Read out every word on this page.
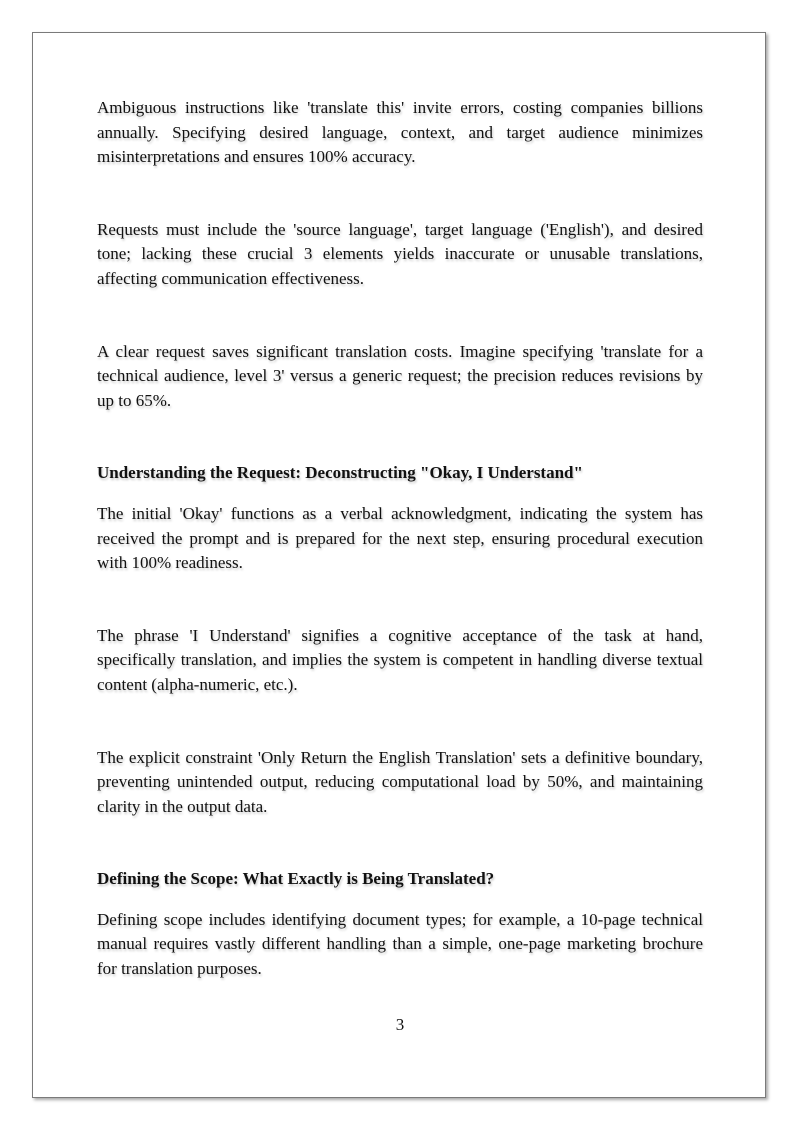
Ambiguous instructions like 'translate this' invite errors, costing companies billions annually. Specifying desired language, context, and target audience minimizes misinterpretations and ensures 100% accuracy.

Requests must include the 'source language', target language ('English'), and desired tone; lacking these crucial 3 elements yields inaccurate or unusable translations, affecting communication effectiveness.

A clear request saves significant translation costs. Imagine specifying 'translate for a technical audience, level 3' versus a generic request; the precision reduces revisions by up to 65%.

Understanding the Request: Deconstructing "Okay, I Understand"

The initial 'Okay' functions as a verbal acknowledgment, indicating the system has received the prompt and is prepared for the next step, ensuring procedural execution with 100% readiness.

The phrase 'I Understand' signifies a cognitive acceptance of the task at hand, specifically translation, and implies the system is competent in handling diverse textual content (alpha-numeric, etc.).

The explicit constraint 'Only Return the English Translation' sets a definitive boundary, preventing unintended output, reducing computational load by 50%, and maintaining clarity in the output data.

Defining the Scope: What Exactly is Being Translated?

Defining scope includes identifying document types; for example, a 10-page technical manual requires vastly different handling than a simple, one-page marketing brochure for translation purposes.

3
